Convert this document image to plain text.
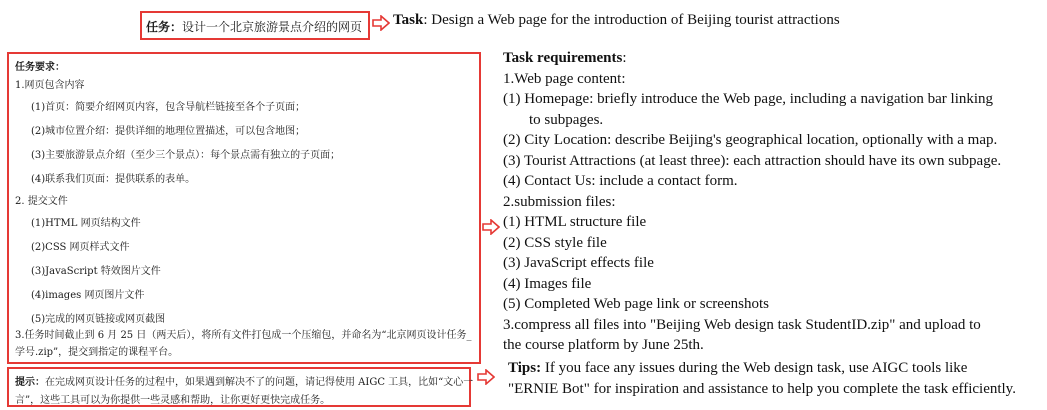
任务：设计一个北京旅游景点介绍的网页 Task: Design a Web page for the introduction of Beijing tourist attractions
任务要求：
1.网页包含内容
(1)首页：简要介绍网页内容，包含导航栏链接至各个子页面；
(2)城市位置介绍：提供详细的地理位置描述，可以包含地图；
(3)主要旅游景点介绍（至少三个景点）：每个景点需有独立的子页面；
(4)联系我们页面：提供联系的表单。
2. 提交文件
(1)HTML 网页结构文件
(2)CSS 网页样式文件
(3)JavaScript 特效图片文件
(4)images 网页图片文件
(5)完成的网页链接或网页截图
3.任务时间截止到 6 月 25 日（两天后），将所有文件打包成一个压缩包，并命名为“北京网页设计任务_
学号.zip”，提交到指定的课程平台。
Task requirements:
1.Web page content:
(1) Homepage: briefly introduce the Web page, including a navigation bar linking
to subpages.
(2) City Location: describe Beijing's geographical location, optionally with a map.
(3) Tourist Attractions (at least three): each attraction should have its own subpage.
(4) Contact Us: include a contact form.
2.submission files:
(1) HTML structure file
(2) CSS style file
(3) JavaScript effects file
(4) Images file
(5) Completed Web page link or screenshots
3.compress all files into "Beijing Web design task StudentID.zip" and upload to
the course platform by June 25th.
提示：在完成网页设计任务的过程中，如果遇到解决不了的问题，请记得使用 AIGC 工具，比如“文心一
言”，这些工具可以为你提供一些灵感和帮助，让你更好更快完成任务。
Tips: If you face any issues during the Web design task, use AIGC tools like
"ERNIE Bot" for inspiration and assistance to help you complete the task efficiently.
